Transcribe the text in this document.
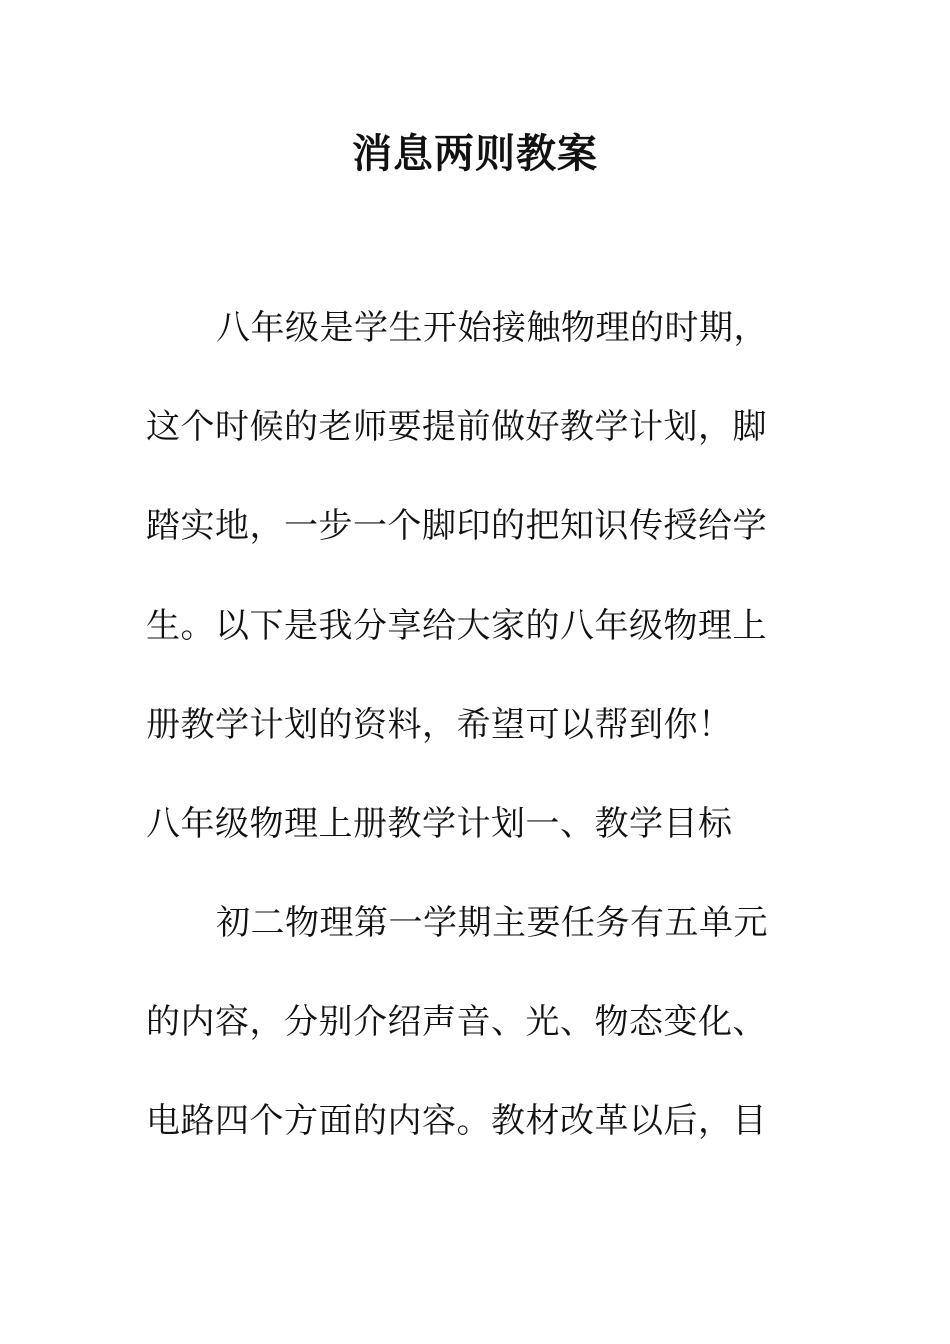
消息两则教案
八年级是学生开始接触物理的时期，
这个时候的老师要提前做好教学计划，脚
踏实地，一步一个脚印的把知识传授给学
生。以下是我分享给大家的八年级物理上
册教学计划的资料，希望可以帮到你！
八年级物理上册教学计划一、教学目标
初二物理第一学期主要任务有五单元
的内容，分别介绍声音、光、物态变化、
电路四个方面的内容。教材改革以后，目
